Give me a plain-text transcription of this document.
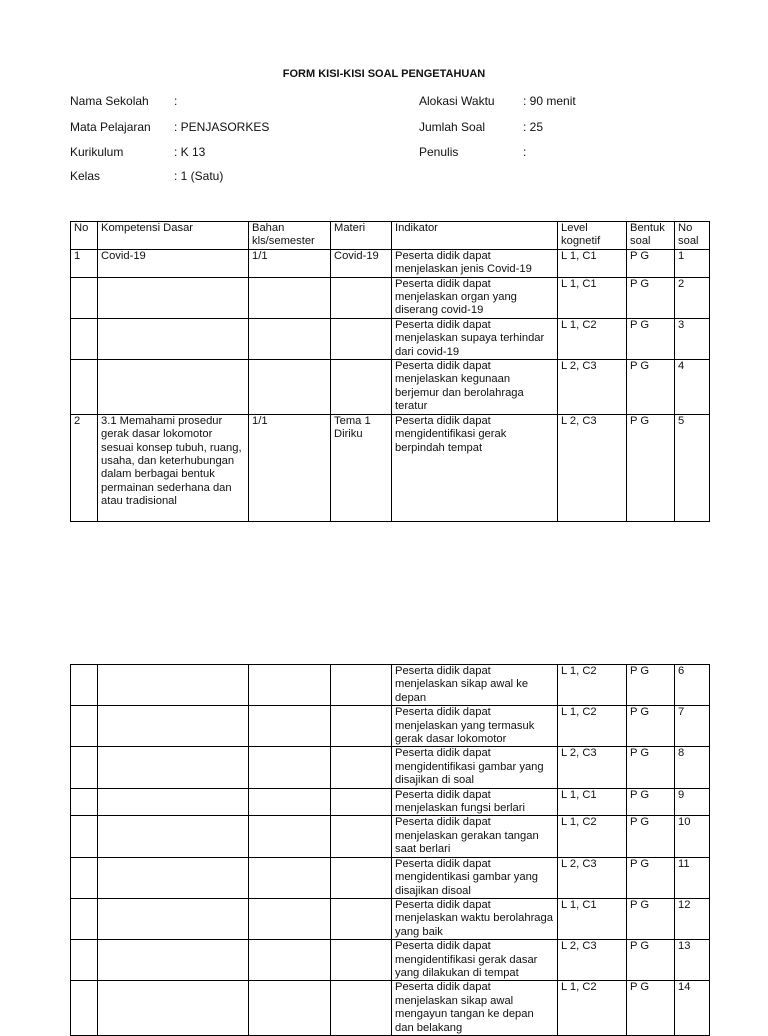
FORM KISI-KISI SOAL PENGETAHUAN
Nama Sekolah :
Mata Pelajaran : PENJASORKES
Kurikulum	: K 13
Kelas	: 1 (Satu)
Alokasi Waktu : 90 menit
Jumlah Soal	: 25
Penulis	:
No	Kompetensi Dasar	Bahan kls/semester	Materi	Indikator	Level kognetif	Bentuk soal	No soal
1	Covid-19	1/1	Covid-19	Peserta didik dapat menjelaskan jenis Covid-19	L 1, C1	P G	1
				Peserta didik dapat menjelaskan organ yang diserang covid-19	L 1, C1	P G	2
				Peserta didik dapat menjelaskan supaya terhindar dari covid-19	L 1, C2	P G	3
				Peserta didik dapat menjelaskan kegunaan berjemur dan berolahraga teratur	L 2, C3	P G	4
2	3.1 Memahami prosedur gerak dasar lokomotor sesuai konsep tubuh, ruang, usaha, dan keterhubungan dalam berbagai bentuk permainan sederhana dan atau tradisional	1/1	Tema 1 Diriku	Peserta didik dapat mengidentifikasi gerak berpindah tempat	L 2, C3	P G	5
				Peserta didik dapat menjelaskan sikap awal ke depan	L 1, C2	P G	6
				Peserta didik dapat menjelaskan yang termasuk gerak dasar lokomotor	L 1, C2	P G	7
				Peserta didik dapat mengidentifikasi gambar yang disajikan di soal	L 2, C3	P G	8
				Peserta didik dapat menjelaskan fungsi berlari	L 1, C1	P G	9
				Peserta didik dapat menjelaskan gerakan tangan saat berlari	L 1, C2	P G	10
				Peserta didik dapat mengidentikasi gambar yang disajikan disoal	L 2, C3	P G	11
				Peserta didik dapat menjelaskan waktu berolahraga yang baik	L 1, C1	P G	12
				Peserta didik dapat mengidentifikasi gerak dasar yang dilakukan di tempat	L 2, C3	P G	13
				Peserta didik dapat menjelaskan sikap awal mengayun tangan ke depan dan belakang	L 1, C2	P G	14
